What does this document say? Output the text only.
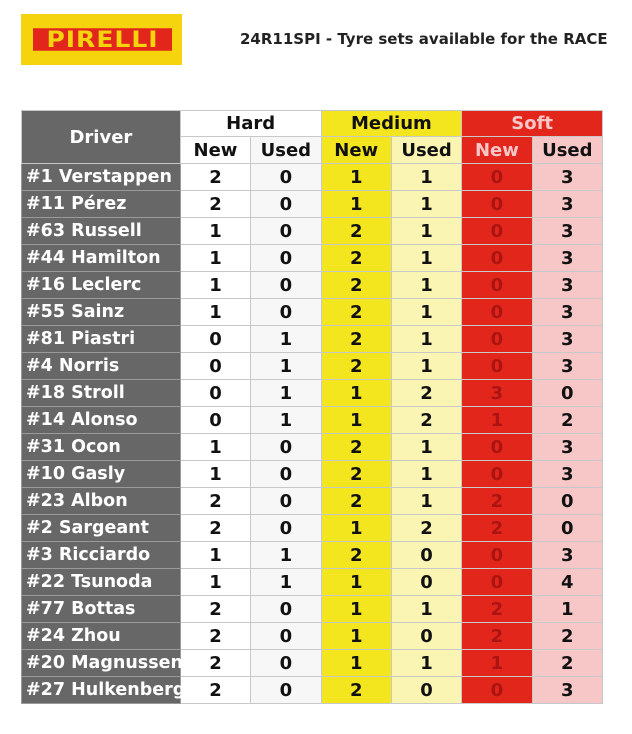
PIRELLI	24R11SPI - Tyre sets available for the RACE
Driver	Hard		Medium		Soft	
	New	Used	New	Used	New	Used
#1 Verstappen	2	0	1	1	0	3
#11 Pérez	2	0	1	1	0	3
#63 Russell	1	0	2	1	0	3
#44 Hamilton	1	0	2	1	0	3
#16 Leclerc	1	0	2	1	0	3
#55 Sainz	1	0	2	1	0	3
#81 Piastri	0	1	2	1	0	3
#4 Norris	0	1	2	1	0	3
#18 Stroll	0	1	1	2	3	0
#14 Alonso	0	1	1	2	1	2
#31 Ocon	1	0	2	1	0	3
#10 Gasly	1	0	2	1	0	3
#23 Albon	2	0	2	1	2	0
#2 Sargeant	2	0	1	2	2	0
#3 Ricciardo	1	1	2	0	0	3
#22 Tsunoda	1	1	1	0	0	4
#77 Bottas	2	0	1	1	2	1
#24 Zhou	2	0	1	0	2	2
#20 Magnussen	2	0	1	1	1	2
#27 Hulkenberg	2	0	2	0	0	3
